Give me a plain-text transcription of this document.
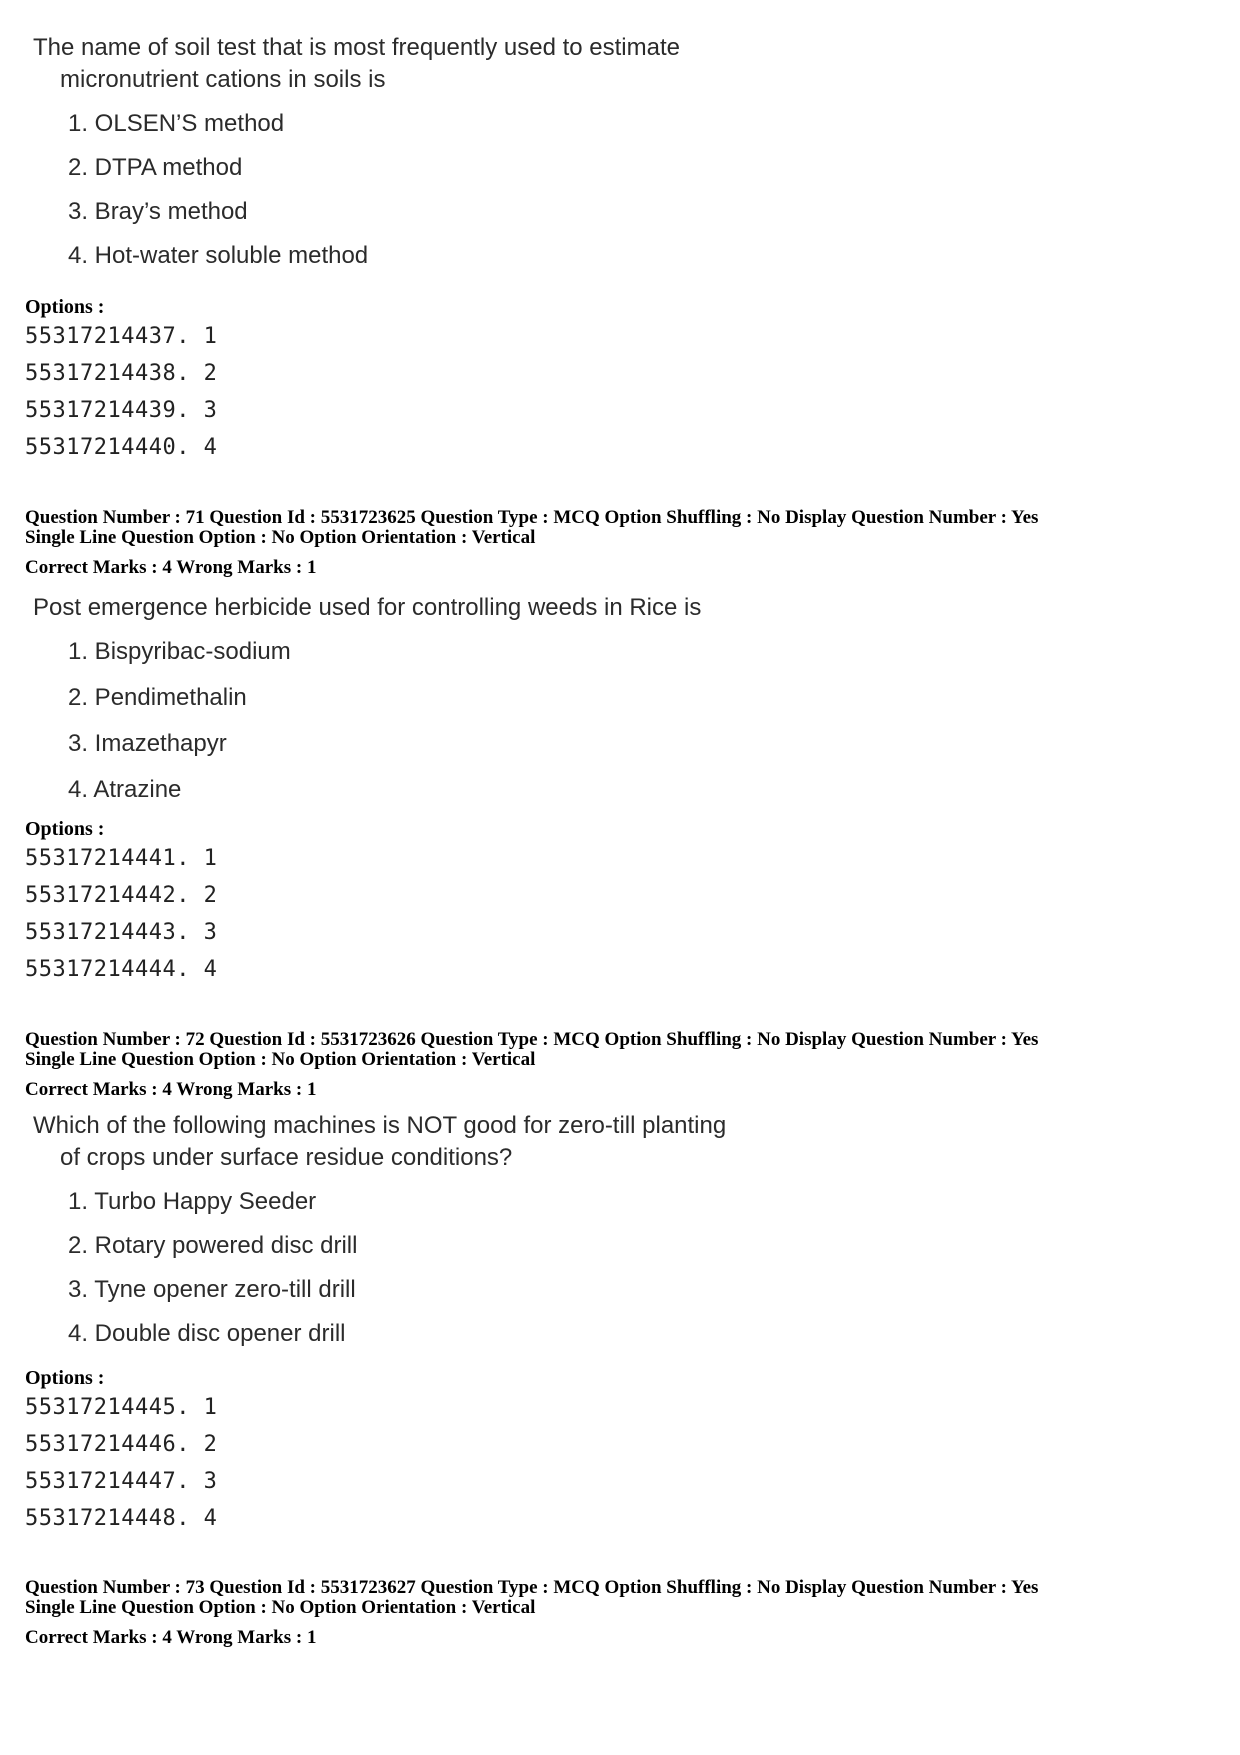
The name of soil test that is most frequently used to estimate
micronutrient cations in soils is
1. OLSEN’S method
2. DTPA method
3. Bray’s method
4. Hot-water soluble method
Options :
55317214437. 1
55317214438. 2
55317214439. 3
55317214440. 4
Question Number : 71 Question Id : 5531723625 Question Type : MCQ Option Shuffling : No Display Question Number : Yes
Single Line Question Option : No Option Orientation : Vertical
Correct Marks : 4 Wrong Marks : 1
Post emergence herbicide used for controlling weeds in Rice is
1. Bispyribac-sodium
2. Pendimethalin
3. Imazethapyr
4. Atrazine
Options :
55317214441. 1
55317214442. 2
55317214443. 3
55317214444. 4
Question Number : 72 Question Id : 5531723626 Question Type : MCQ Option Shuffling : No Display Question Number : Yes
Single Line Question Option : No Option Orientation : Vertical
Correct Marks : 4 Wrong Marks : 1
Which of the following machines is NOT good for zero-till planting
of crops under surface residue conditions?
1. Turbo Happy Seeder
2. Rotary powered disc drill
3. Tyne opener zero-till drill
4. Double disc opener drill
Options :
55317214445. 1
55317214446. 2
55317214447. 3
55317214448. 4
Question Number : 73 Question Id : 5531723627 Question Type : MCQ Option Shuffling : No Display Question Number : Yes
Single Line Question Option : No Option Orientation : Vertical
Correct Marks : 4 Wrong Marks : 1
